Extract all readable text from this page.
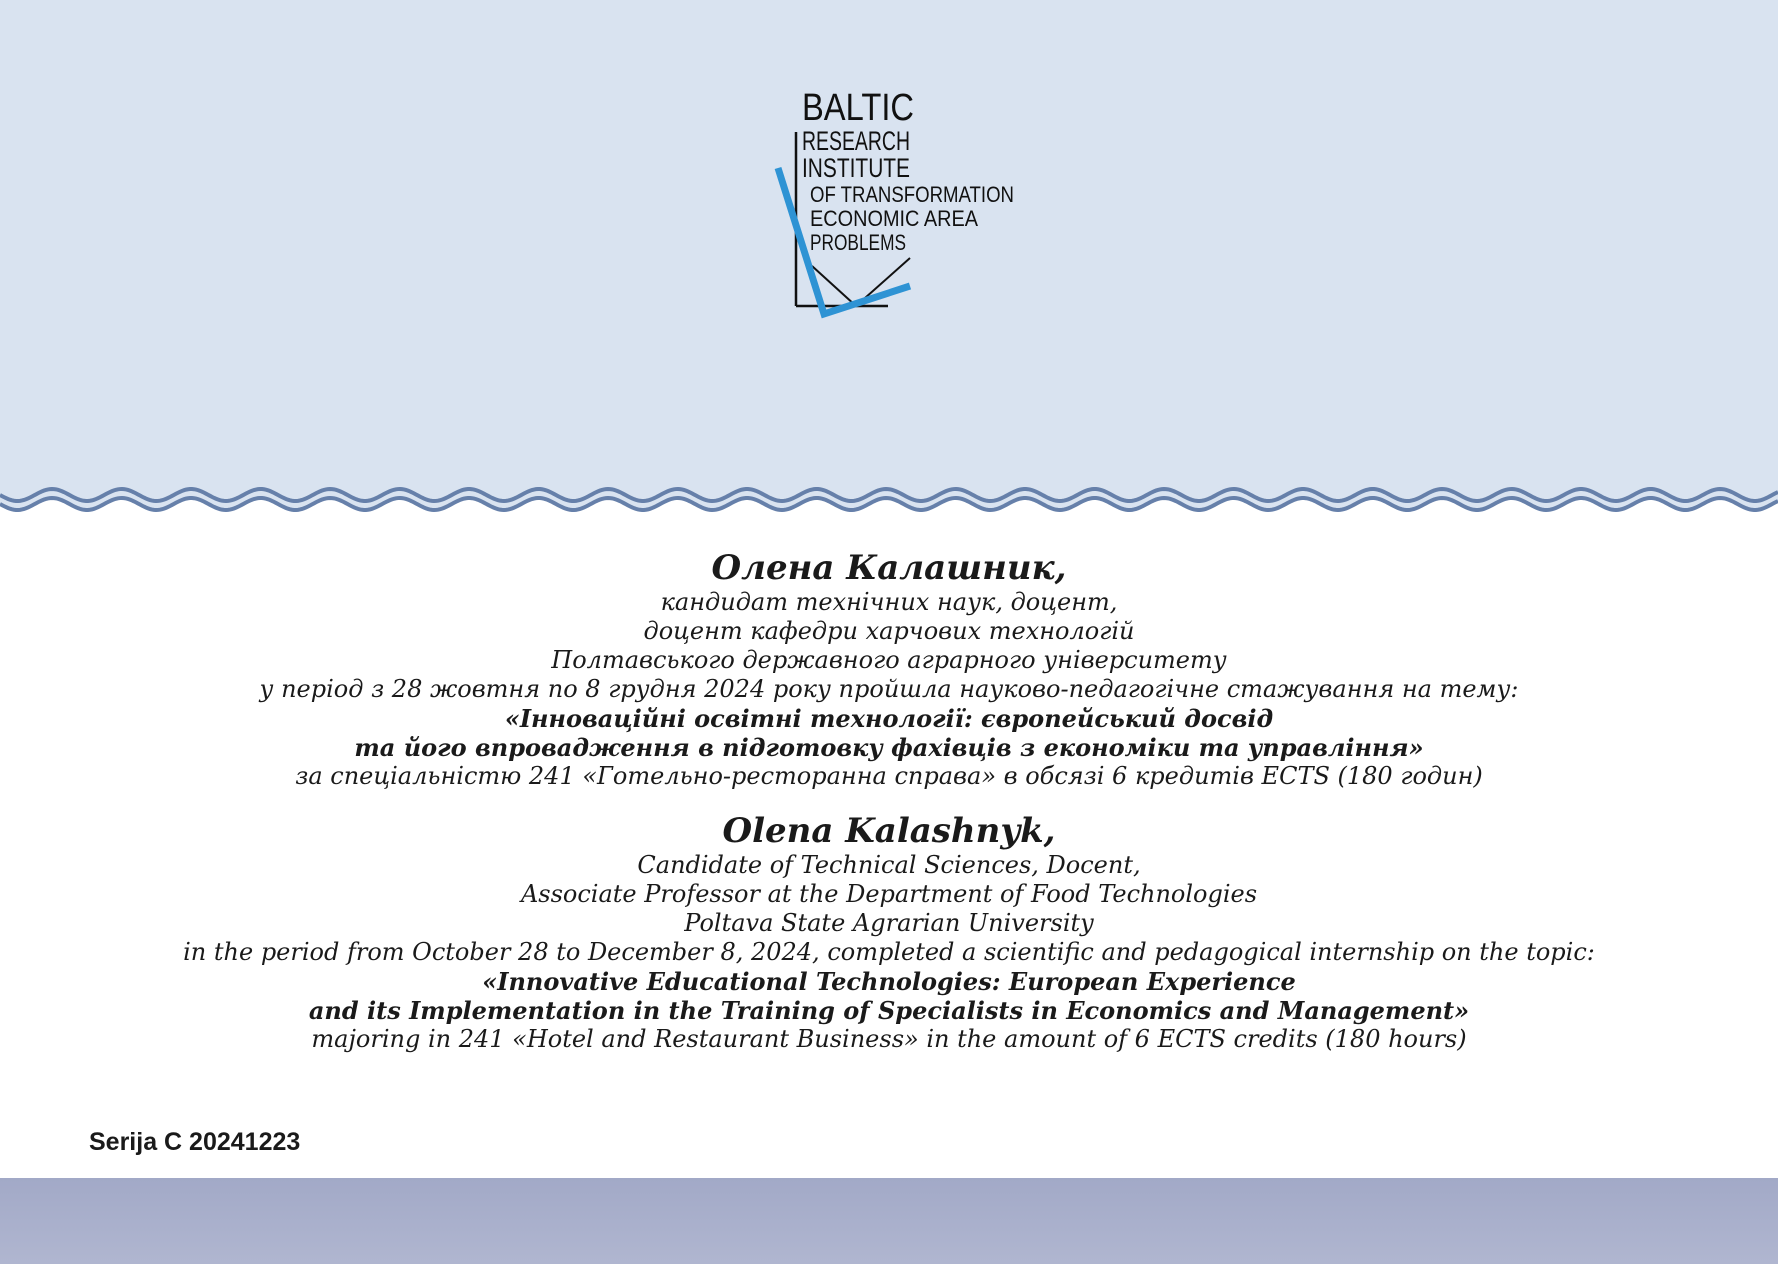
BALTIC
RESEARCH
INSTITUTE
OF TRANSFORMATION
ECONOMIC AREA
PROBLEMS

Олена Калашник,

кандидат технічних наук, доцент,

доцент кафедри харчових технологій

Полтавського державного аграрного університету

у період з 28 жовтня по 8 грудня 2024 року пройшла науково-педагогічне стажування на тему:

«Інноваційні освітні технології: європейський досвід

та його впровадження в підготовку фахівців з економіки та управління»

за спеціальністю 241 «Готельно-ресторанна справа» в обсязі 6 кредитів ECTS (180 годин)

Olena Kalashnyk,

Candidate of Technical Sciences, Docent,

Associate Professor at the Department of Food Technologies

Poltava State Agrarian University

in the period from October 28 to December 8, 2024, completed a scientific and pedagogical internship on the topic:

«Innovative Educational Technologies: European Experience

and its Implementation in the Training of Specialists in Economics and Management»

majoring in 241 «Hotel and Restaurant Business» in the amount of 6 ECTS credits (180 hours)

Serija C 20241223
